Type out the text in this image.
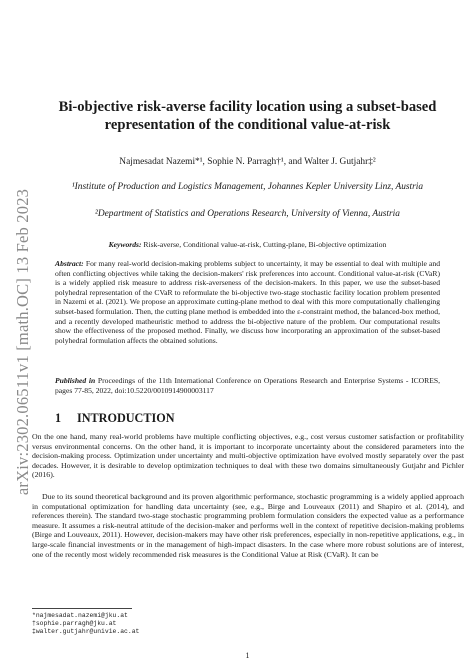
arXiv:2302.06511v1 [math.OC] 13 Feb 2023
Bi-objective risk-averse facility location using a subset-based representation of the conditional value-at-risk
Najmesadat Nazemi*¹, Sophie N. Parragh†¹, and Walter J. Gutjahr‡²
¹Institute of Production and Logistics Management, Johannes Kepler University Linz, Austria
²Department of Statistics and Operations Research, University of Vienna, Austria
Keywords: Risk-averse, Conditional value-at-risk, Cutting-plane, Bi-objective optimization
Abstract: For many real-world decision-making problems subject to uncertainty, it may be essential to deal with multiple and often conflicting objectives while taking the decision-makers' risk preferences into account. Conditional value-at-risk (CVaR) is a widely applied risk measure to address risk-averseness of the decision-makers. In this paper, we use the subset-based polyhedral representation of the CVaR to reformulate the bi-objective two-stage stochastic facility location problem presented in Nazemi et al. (2021). We propose an approximate cutting-plane method to deal with this more computationally challenging subset-based formulation. Then, the cutting plane method is embedded into the ε-constraint method, the balanced-box method, and a recently developed matheuristic method to address the bi-objective nature of the problem. Our computational results show the effectiveness of the proposed method. Finally, we discuss how incorporating an approximation of the subset-based polyhedral formulation affects the obtained solutions.
Published in Proceedings of the 11th International Conference on Operations Research and Enterprise Systems - ICORES, pages 77-85, 2022, doi:10.5220/0010914900003117
1 INTRODUCTION
On the one hand, many real-world problems have multiple conflicting objectives, e.g., cost versus customer satisfaction or profitability versus environmental concerns. On the other hand, it is important to incorporate uncertainty about the considered parameters into the decision-making process. Optimization under uncertainty and multi-objective optimization have evolved mostly separately over the past decades. However, it is desirable to develop optimization techniques to deal with these two domains simultaneously Gutjahr and Pichler (2016).
Due to its sound theoretical background and its proven algorithmic performance, stochastic programming is a widely applied approach in computational optimization for handling data uncertainty (see, e.g., Birge and Louveaux (2011) and Shapiro et al. (2014), and references therein). The standard two-stage stochastic programming problem formulation considers the expected value as a performance measure. It assumes a risk-neutral attitude of the decision-maker and performs well in the context of repetitive decision-making problems (Birge and Louveaux, 2011). However, decision-makers may have other risk preferences, especially in non-repetitive applications, e.g., in large-scale financial investments or in the management of high-impact disasters. In the case where more robust solutions are of interest, one of the recently most widely recommended risk measures is the Conditional Value at Risk (CVaR). It can be
*najmesadat.nazemi@jku.at
†sophie.parragh@jku.at
‡walter.gutjahr@univie.ac.at
1
